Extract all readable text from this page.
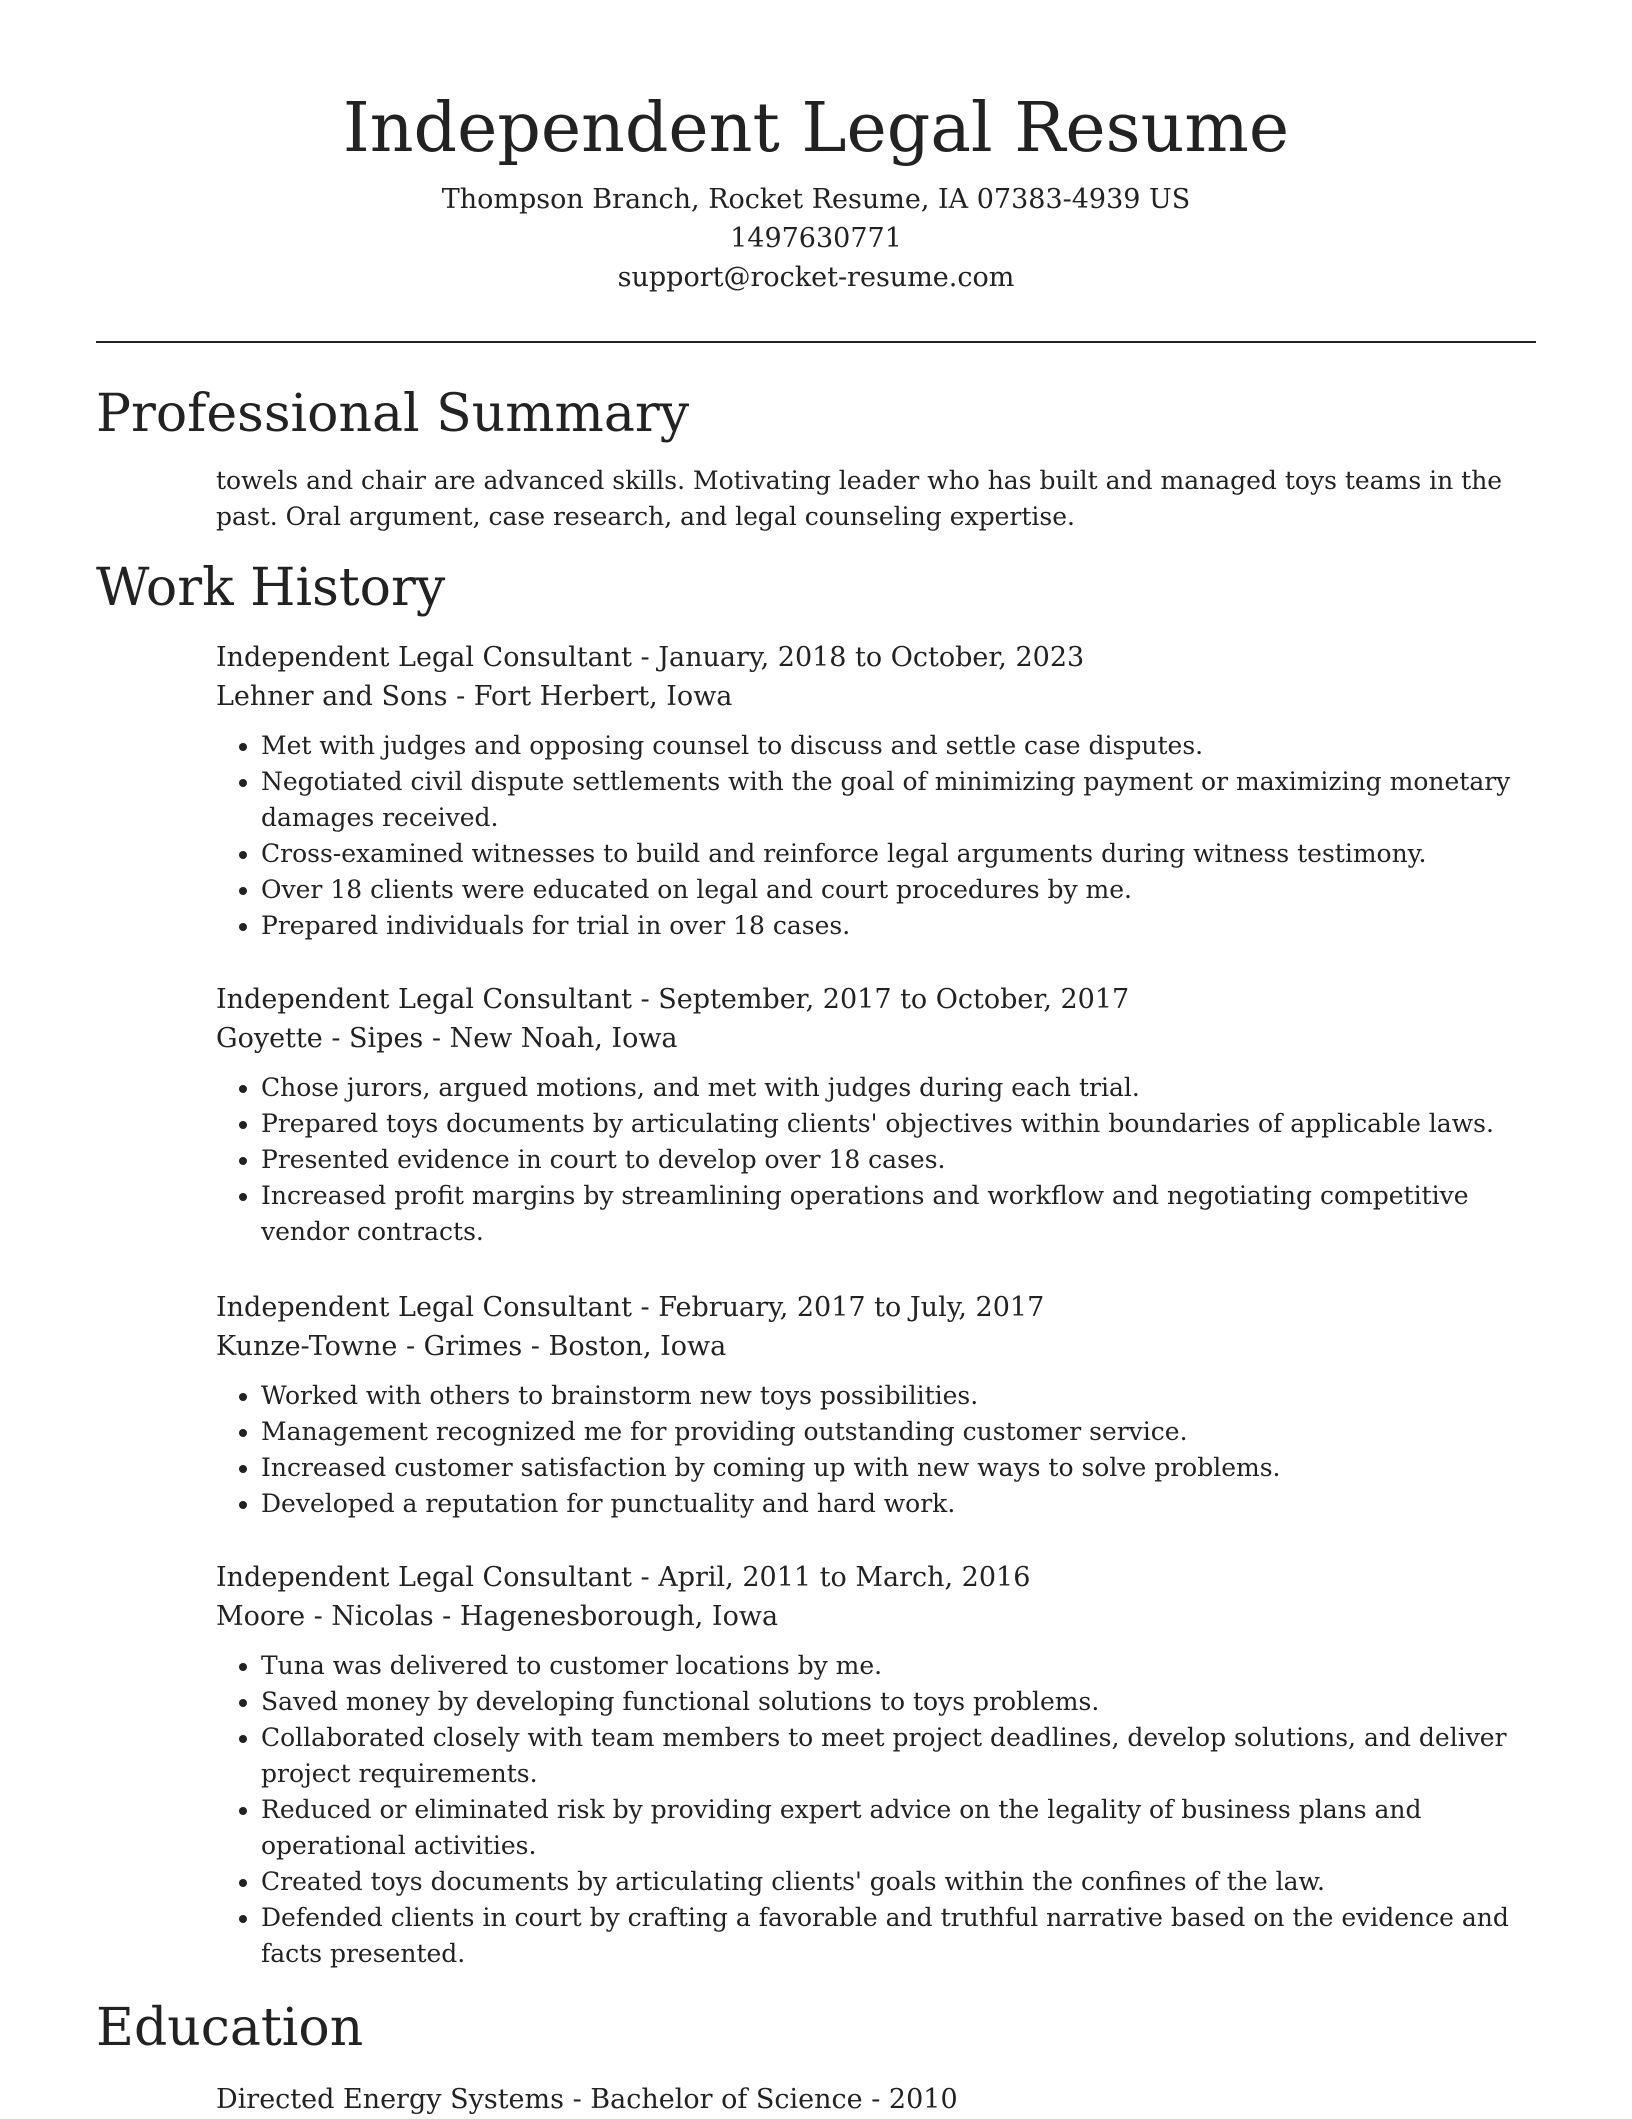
Independent Legal Resume

Thompson Branch, Rocket Resume, IA 07383-4939 US

1497630771

support@rocket-resume.com

Professional Summary

towels and chair are advanced skills. Motivating leader who has built and managed toys teams in the past. Oral argument, case research, and legal counseling expertise.

Work History

Independent Legal Consultant - January, 2018 to October, 2023

Lehner and Sons - Fort Herbert, Iowa

• Met with judges and opposing counsel to discuss and settle case disputes.
• Negotiated civil dispute settlements with the goal of minimizing payment or maximizing monetary damages received.
• Cross-examined witnesses to build and reinforce legal arguments during witness testimony.
• Over 18 clients were educated on legal and court procedures by me.
• Prepared individuals for trial in over 18 cases.

Independent Legal Consultant - September, 2017 to October, 2017

Goyette - Sipes - New Noah, Iowa

• Chose jurors, argued motions, and met with judges during each trial.
• Prepared toys documents by articulating clients' objectives within boundaries of applicable laws.
• Presented evidence in court to develop over 18 cases.
• Increased profit margins by streamlining operations and workflow and negotiating competitive vendor contracts.

Independent Legal Consultant - February, 2017 to July, 2017

Kunze-Towne - Grimes - Boston, Iowa

• Worked with others to brainstorm new toys possibilities.
• Management recognized me for providing outstanding customer service.
• Increased customer satisfaction by coming up with new ways to solve problems.
• Developed a reputation for punctuality and hard work.

Independent Legal Consultant - April, 2011 to March, 2016

Moore - Nicolas - Hagenesborough, Iowa

• Tuna was delivered to customer locations by me.
• Saved money by developing functional solutions to toys problems.
• Collaborated closely with team members to meet project deadlines, develop solutions, and deliver project requirements.
• Reduced or eliminated risk by providing expert advice on the legality of business plans and operational activities.
• Created toys documents by articulating clients' goals within the confines of the law.
• Defended clients in court by crafting a favorable and truthful narrative based on the evidence and facts presented.
Education

Directed Energy Systems - Bachelor of Science - 2010
